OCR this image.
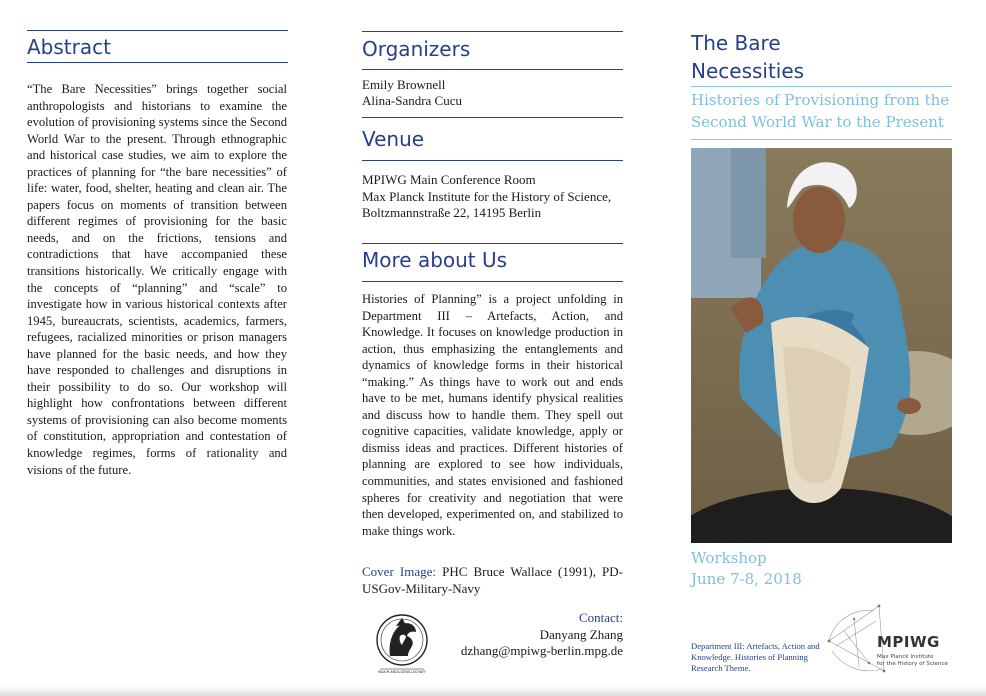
Abstract

“The Bare Necessities” brings together social anthropologists and historians to examine the evolution of provisioning systems since the Second World War to the present. Through ethnographic and historical case studies, we aim to explore the practices of planning for “the bare necessities” of life: water, food, shelter, heating and clean air. The papers focus on moments of transition between different regimes of provisioning for the basic needs, and on the frictions, tensions and contradictions that have accompanied these transitions historically. We critically engage with the concepts of “planning” and “scale” to investigate how in various historical contexts after 1945, bureaucrats, scientists, academics, farmers, refugees, racialized minorities or prison managers have planned for the basic needs, and how they have responded to challenges and disruptions in their possibility to do so. Our workshop will highlight how confrontations between different systems of provisioning can also become moments of constitution, appropriation and contestation of knowledge regimes, forms of rationality and visions of the future.

Organizers
Emily Brownell
Alina-Sandra Cucu
Venue
MPIWG Main Conference Room
Max Planck Institute for the History of Science,
Boltzmannstraße 22, 14195 Berlin
More about Us

Histories of Planning” is a project unfolding in Department III – Artefacts, Action, and Knowledge. It focuses on knowledge production in action, thus emphasizing the entanglements and dynamics of knowledge forms in their historical “making.” As things have to work out and ends have to be met, humans identify physical realities and discuss how to handle them. They spell out cognitive capacities, validate knowledge, apply or dismiss ideas and practices. Different histories of planning are explored to see how individuals, communities, and states envisioned and fashioned spheres for creativity and negotiation that were then developed, experimented on, and stabilized to make things work.

Cover Image: PHC Bruce Wallace (1991), PD-USGov-Military-Navy
MAX-PLANCK-GESELLSCHAFT
Contact:
Danyang Zhang
dzhang@mpiwg-berlin.mpg.de
The Bare
Necessities
Histories of Provisioning from the Second World War to the Present
Workshop
June 7-8, 2018
Department III: Artefacts, Action and Knowledge. Histories of Planning Research Theme.
MPIWG
Max Planck Institute
for the History of Science
